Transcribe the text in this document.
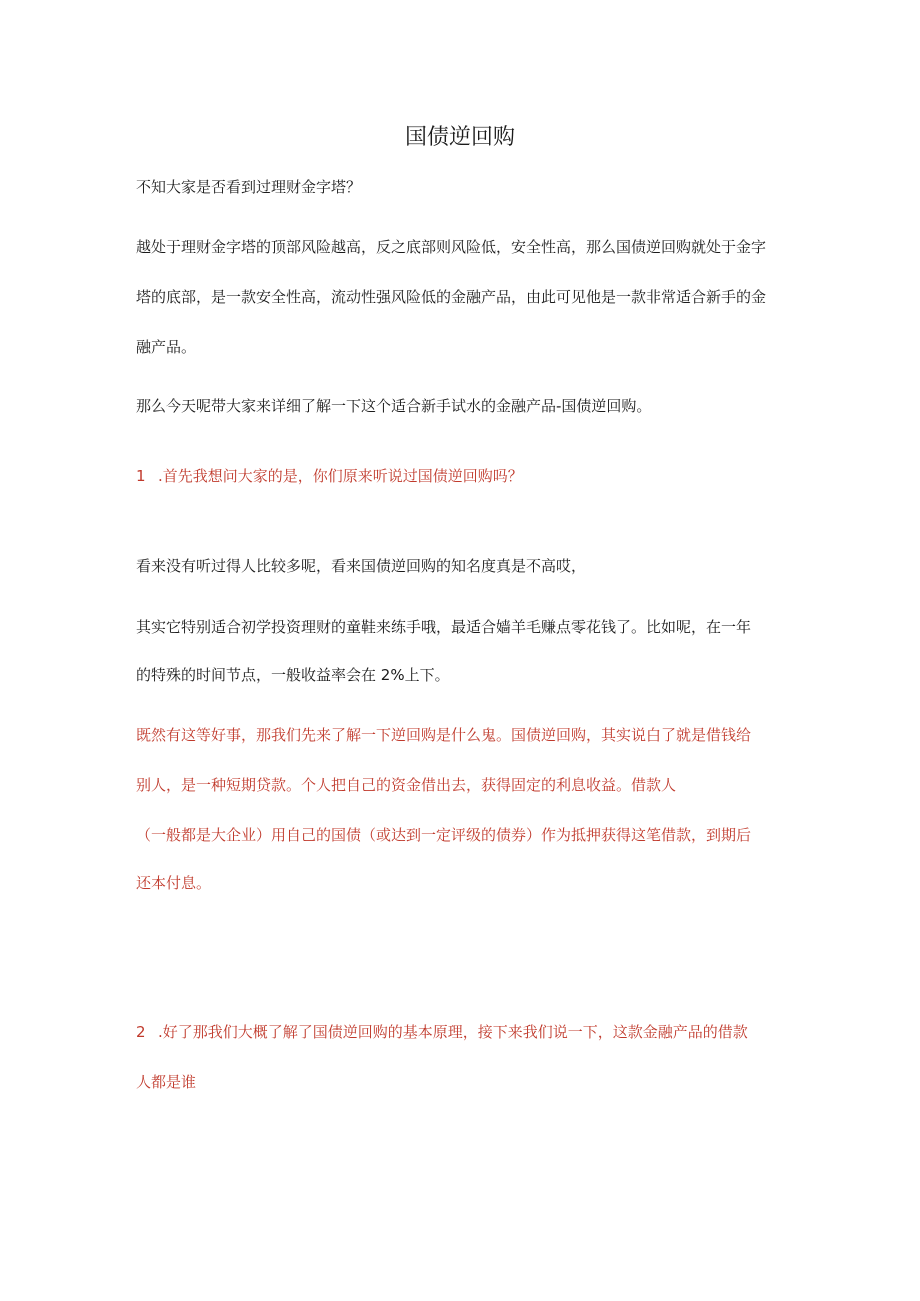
国债逆回购
不知大家是否看到过理财金字塔？
越处于理财金字塔的顶部风险越高，反之底部则风险低，安全性高，那么国债逆回购就处于金字
塔的底部，是一款安全性高，流动性强风险低的金融产品，由此可见他是一款非常适合新手的金
融产品。
那么今天呢带大家来详细了解一下这个适合新手试水的金融产品-国债逆回购。
1 .首先我想问大家的是，你们原来听说过国债逆回购吗？
看来没有听过得人比较多呢，看来国债逆回购的知名度真是不高哎，
其实它特别适合初学投资理财的童鞋来练手哦，最适合嫱羊毛赚点零花钱了。比如呢，在一年
的特殊的时间节点，一般收益率会在 2%上下。
既然有这等好事，那我们先来了解一下逆回购是什么鬼。国债逆回购，其实说白了就是借钱给
别人，是一种短期贷款。个人把自己的资金借出去，获得固定的利息收益。借款人
（一般都是大企业）用自己的国债（或达到一定评级的债券）作为抵押获得这笔借款，到期后
还本付息。
2 .好了那我们大概了解了国债逆回购的基本原理，接下来我们说一下，这款金融产品的借款
人都是谁
